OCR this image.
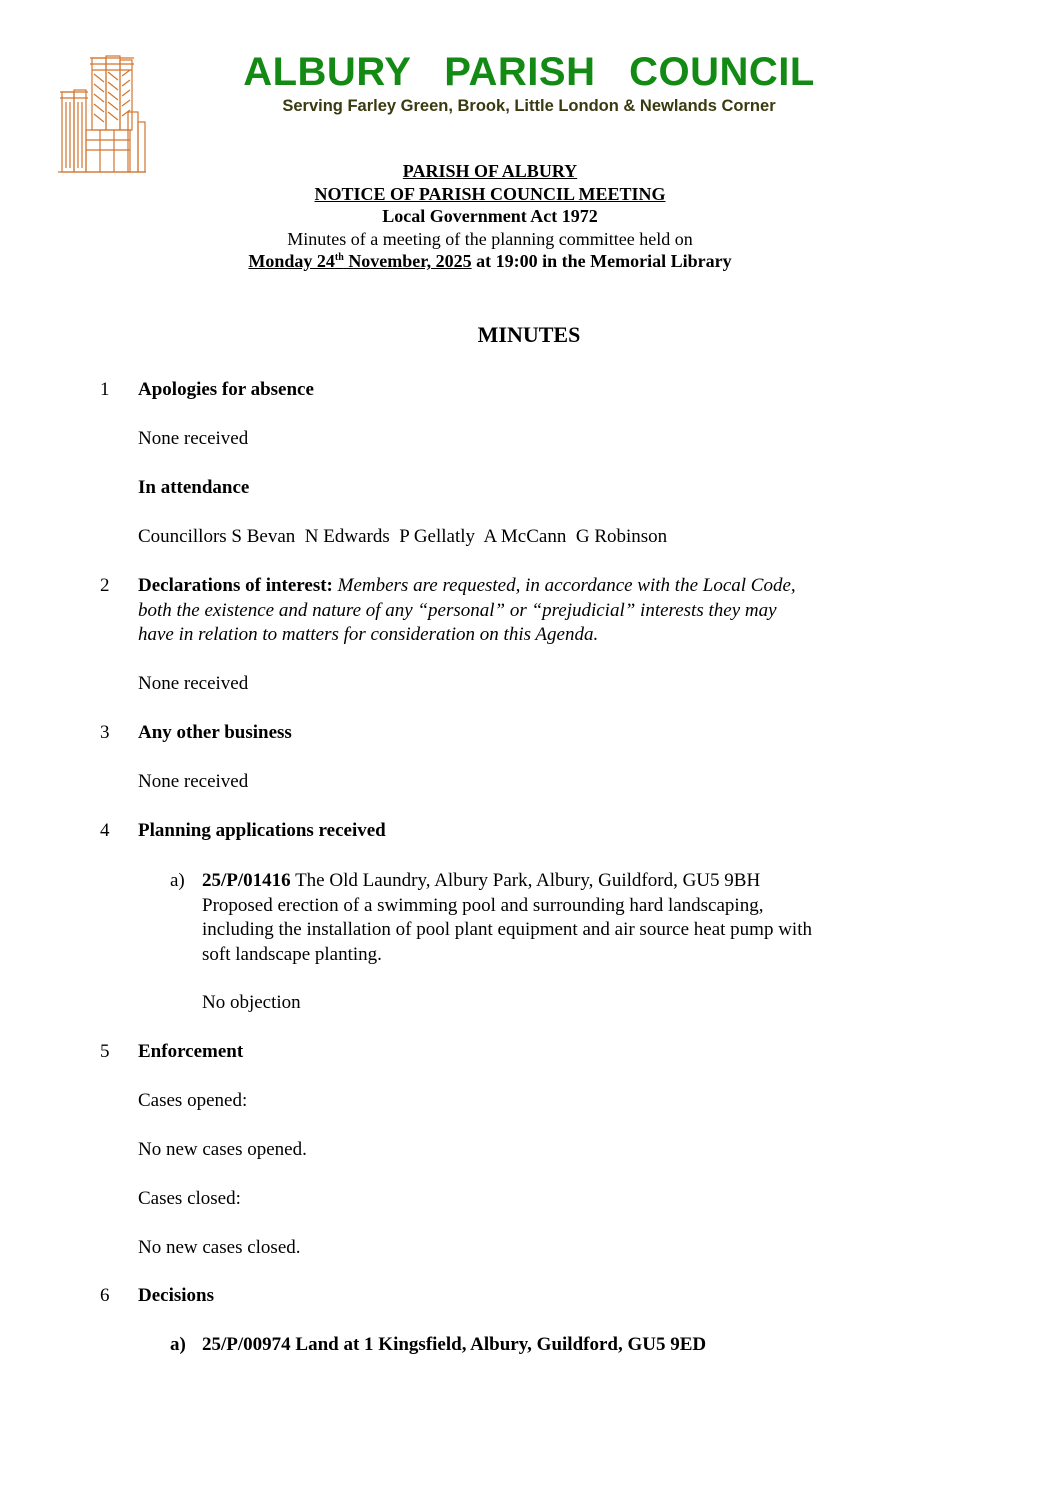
ALBURY PARISH COUNCIL
Serving Farley Green, Brook, Little London & Newlands Corner
PARISH OF ALBURY
NOTICE OF PARISH COUNCIL MEETING
Local Government Act 1972
Minutes of a meeting of the planning committee held on
Monday 24th November, 2025 at 19:00 in the Memorial Library
MINUTES
1	Apologies for absence
None received
In attendance
Councillors S Bevan  N Edwards  P Gellatly  A McCann  G Robinson
2	Declarations of interest: Members are requested, in accordance with the Local Code,
both the existence and nature of any “personal” or “prejudicial” interests they may
have in relation to matters for consideration on this Agenda.
None received
3	Any other business
None received
4	Planning applications received
a) 25/P/01416 The Old Laundry, Albury Park, Albury, Guildford, GU5 9BH
Proposed erection of a swimming pool and surrounding hard landscaping,
including the installation of pool plant equipment and air source heat pump with
soft landscape planting.
No objection
5	Enforcement
Cases opened:
No new cases opened.
Cases closed:
No new cases closed.
6	Decisions
a) 25/P/00974 Land at 1 Kingsfield, Albury, Guildford, GU5 9ED
